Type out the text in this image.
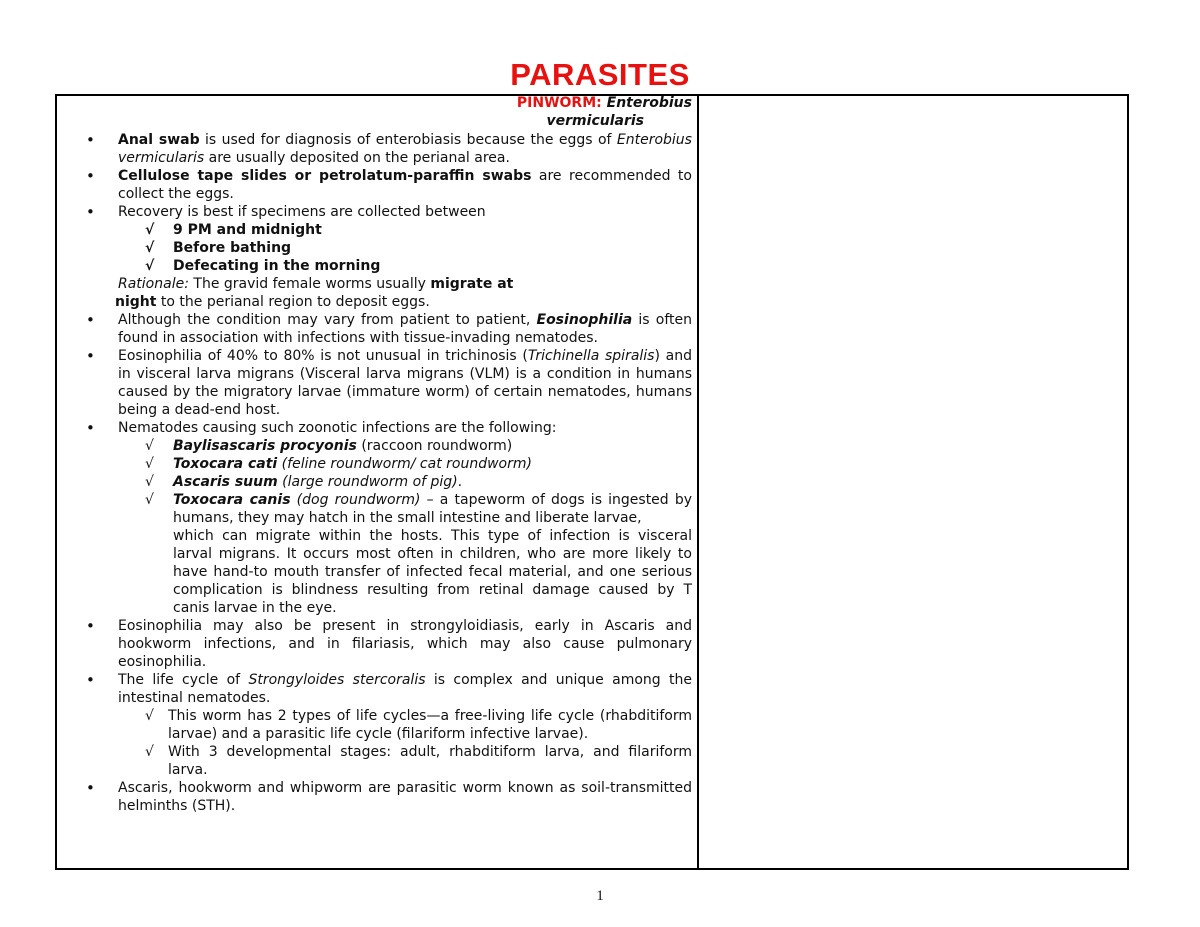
PARASITES
PINWORM: Enterobius
vermicularis
• Anal swab is used for diagnosis of enterobiasis because the eggs of Enterobius vermicularis are usually deposited on the perianal area.
• Cellulose tape slides or petrolatum-paraffin swabs are recommended to collect the eggs.
• Recovery is best if specimens are collected between
√ 9 PM and midnight
√ Before bathing
√ Defecating in the morning
Rationale: The gravid female worms usually migrate at
night to the perianal region to deposit eggs.
• Although the condition may vary from patient to patient, Eosinophilia is often found in association with infections with tissue-invading nematodes.
• Eosinophilia of 40% to 80% is not unusual in trichinosis (Trichinella spiralis) and in visceral larva migrans (Visceral larva migrans (VLM) is a condition in humans caused by the migratory larvae (immature worm) of certain nematodes, humans being a dead-end host.
• Nematodes causing such zoonotic infections are the following:
√ Baylisascaris procyonis (raccoon roundworm)
√ Toxocara cati (feline roundworm/ cat roundworm)
√ Ascaris suum (large roundworm of pig).
√ Toxocara canis (dog roundworm) – a tapeworm of dogs is ingested by humans, they may hatch in the small intestine and liberate larvae,
which can migrate within the hosts. This type of infection is visceral larval migrans. It occurs most often in children, who are more likely to have hand-to mouth transfer of infected fecal material, and one serious complication is blindness resulting from retinal damage caused by T canis larvae in the eye.
• Eosinophilia may also be present in strongyloidiasis, early in Ascaris and hookworm infections, and in filariasis, which may also cause pulmonary eosinophilia.
• The life cycle of Strongyloides stercoralis is complex and unique among the intestinal nematodes.
√ This worm has 2 types of life cycles—a free-living life cycle (rhabditiform larvae) and a parasitic life cycle (filariform infective larvae).
√ With 3 developmental stages: adult, rhabditiform larva, and filariform larva.
• Ascaris, hookworm and whipworm are parasitic worm known as soil-transmitted helminths (STH).
1
